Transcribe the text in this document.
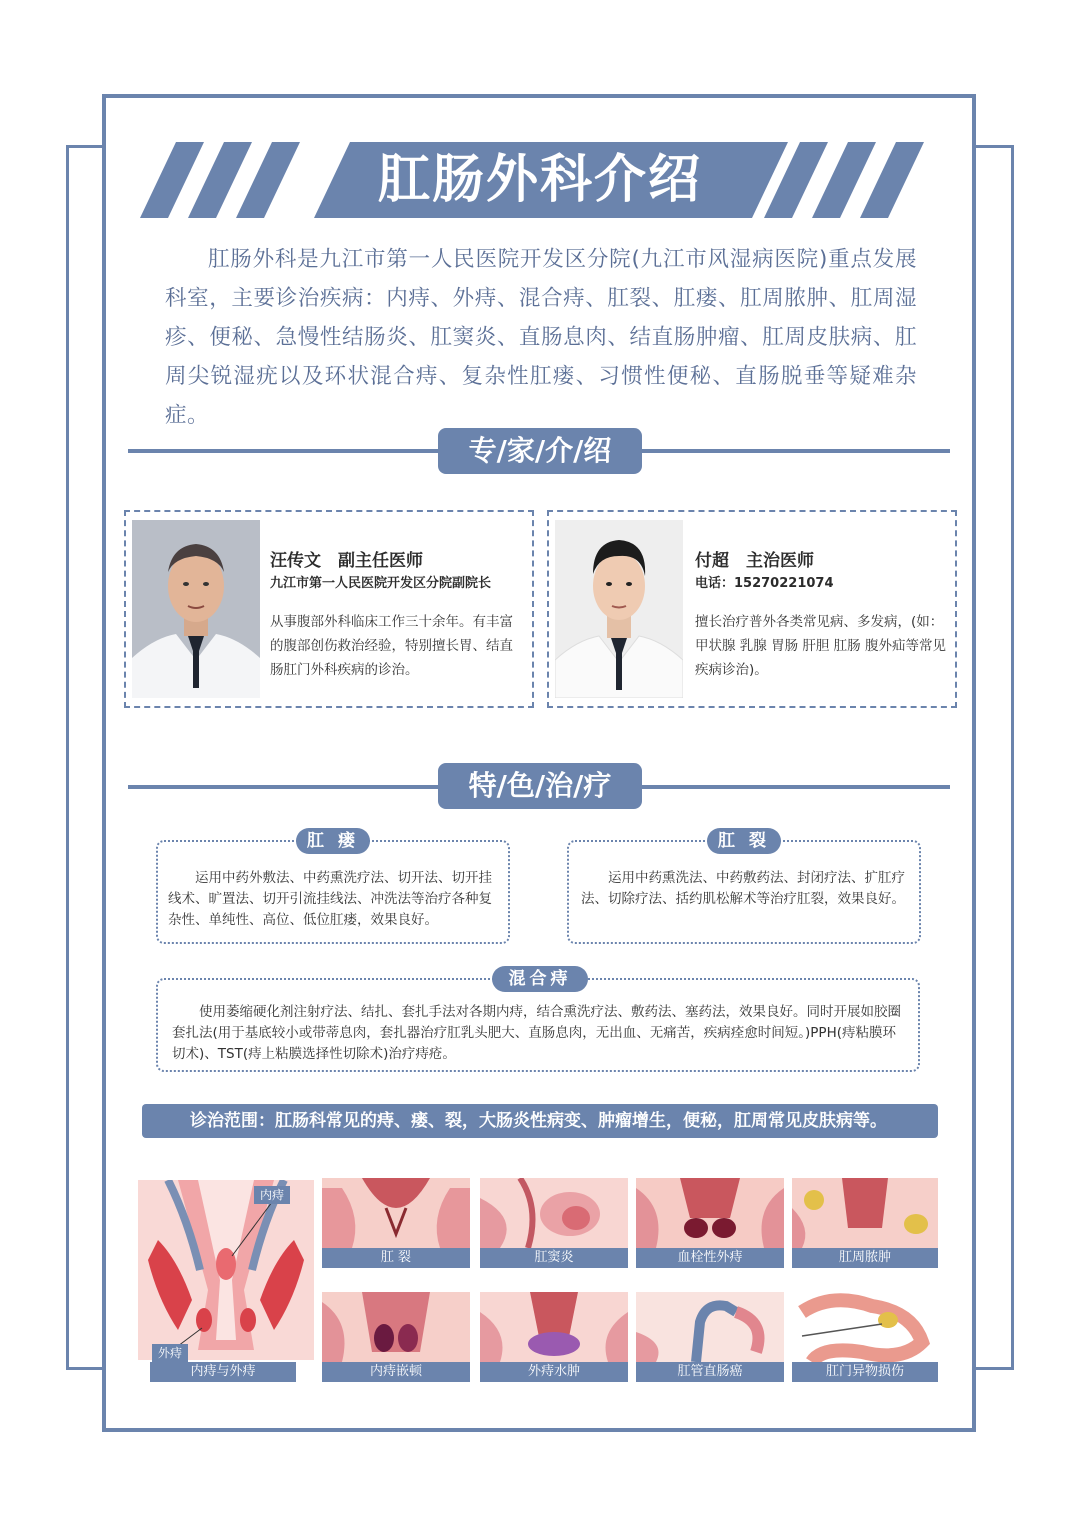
肛肠外科介绍
肛肠外科是九江市第一人民医院开发区分院(九江市风湿病医院)重点发展科室，主要诊治疾病：内痔、外痔、混合痔、肛裂、肛瘘、肛周脓肿、肛周湿疹、便秘、急慢性结肠炎、肛窦炎、直肠息肉、结直肠肿瘤、肛周皮肤病、肛周尖锐湿疣以及环状混合痔、复杂性肛瘘、习惯性便秘、直肠脱垂等疑难杂症。
专/家/介/绍
汪传文　副主任医师
九江市第一人民医院开发区分院副院长
从事腹部外科临床工作三十余年。有丰富的腹部创伤救治经验，特别擅长胃、结直肠肛门外科疾病的诊治。
付超　主治医师
电话：15270221074
擅长治疗普外各类常见病、多发病，(如：甲状腺 乳腺 胃肠 肝胆 肛肠 腹外疝等常见疾病诊治)。
特/色/治/疗
运用中药外敷法、中药熏洗疗法、切开法、切开挂线术、旷置法、切开引流挂线法、冲洗法等治疗各种复杂性、单纯性、高位、低位肛瘘，效果良好。
肛 瘘
运用中药熏洗法、中药敷药法、封闭疗法、扩肛疗法、切除疗法、括约肌松解术等治疗肛裂，效果良好。
肛 裂
使用萎缩硬化剂注射疗法、结扎、套扎手法对各期内痔，结合熏洗疗法、敷药法、塞药法，效果良好。同时开展如胶圈套扎法(用于基底较小或带蒂息肉，套扎器治疗肛乳头肥大、直肠息肉，无出血、无痛苦，疾病痊愈时间短。)PPH(痔粘膜环切术)、TST(痔上粘膜选择性切除术)治疗痔疮。
混合痔
诊治范围：肛肠科常见的痔、瘘、裂，大肠炎性病变、肿瘤增生，便秘，肛周常见皮肤病等。
内痔
外痔
内痔与外痔
肛 裂	肛窦炎	血栓性外痔	肛周脓肿
内痔嵌顿	外痔水肿	肛管直肠癌	肛门异物损伤
